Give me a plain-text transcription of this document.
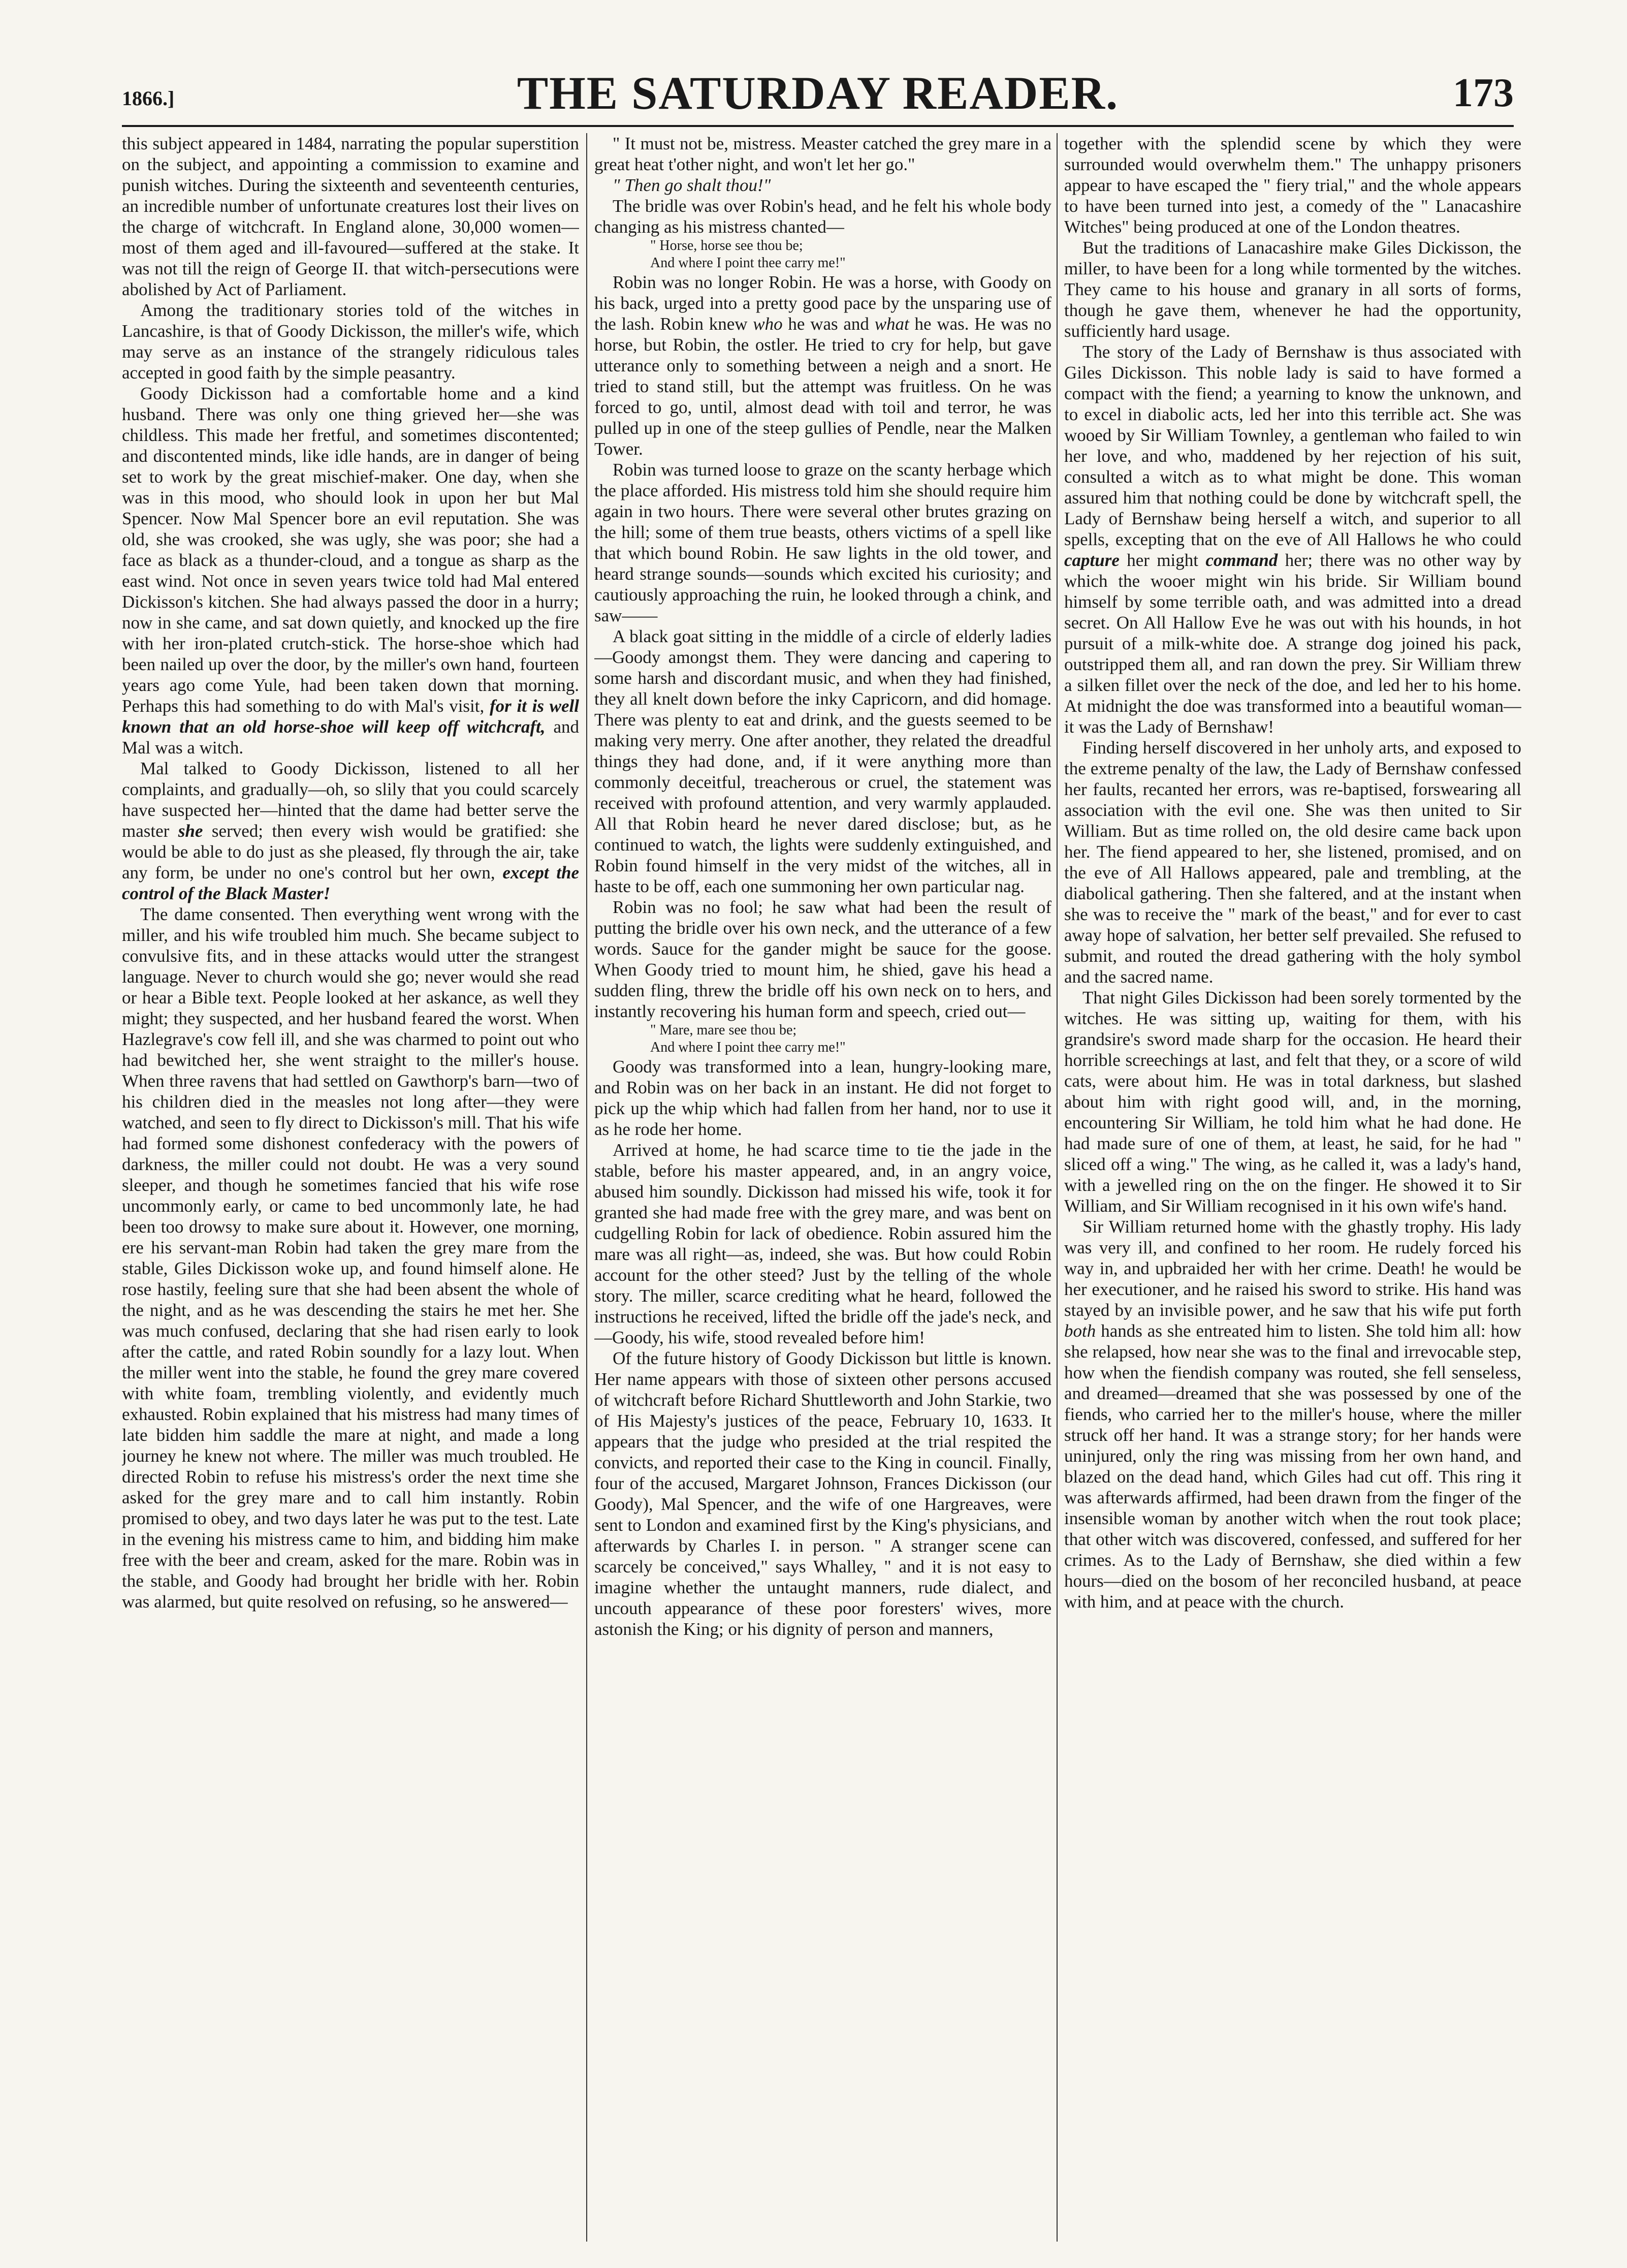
1866.]	THE SATURDAY READER.	173

this subject appeared in 1484, narrating the popular superstition on the subject, and appointing a commission to examine and punish witches. During the sixteenth and seventeenth centuries, an incredible number of unfortunate creatures lost their lives on the charge of witchcraft. In England alone, 30,000 women—most of them aged and ill-favoured—suffered at the stake. It was not till the reign of George II. that witch-persecutions were abolished by Act of Parliament.

Among the traditionary stories told of the witches in Lancashire, is that of Goody Dickisson, the miller's wife, which may serve as an instance of the strangely ridiculous tales accepted in good faith by the simple peasantry.

Goody Dickisson had a comfortable home and a kind husband. There was only one thing grieved her—she was childless. This made her fretful, and sometimes discontented; and discontented minds, like idle hands, are in danger of being set to work by the great mischief-maker. One day, when she was in this mood, who should look in upon her but Mal Spencer. Now Mal Spencer bore an evil reputation. She was old, she was crooked, she was ugly, she was poor; she had a face as black as a thunder-cloud, and a tongue as sharp as the east wind. Not once in seven years twice told had Mal entered Dickisson's kitchen. She had always passed the door in a hurry; now in she came, and sat down quietly, and knocked up the fire with her iron-plated crutch-stick. The horse-shoe which had been nailed up over the door, by the miller's own hand, fourteen years ago come Yule, had been taken down that morning. Perhaps this had something to do with Mal's visit, for it is well known that an old horse-shoe will keep off witchcraft, and Mal was a witch.

Mal talked to Goody Dickisson, listened to all her complaints, and gradually—oh, so slily that you could scarcely have suspected her—hinted that the dame had better serve the master she served; then every wish would be gratified: she would be able to do just as she pleased, fly through the air, take any form, be under no one's control but her own, except the control of the Black Master!

The dame consented. Then everything went wrong with the miller, and his wife troubled him much. She became subject to convulsive fits, and in these attacks would utter the strangest language. Never to church would she go; never would she read or hear a Bible text. People looked at her askance, as well they might; they suspected, and her husband feared the worst. When Hazlegrave's cow fell ill, and she was charmed to point out who had bewitched her, she went straight to the miller's house. When three ravens that had settled on Gawthorp's barn—two of his children died in the measles not long after—they were watched, and seen to fly direct to Dickisson's mill. That his wife had formed some dishonest confederacy with the powers of darkness, the miller could not doubt. He was a very sound sleeper, and though he sometimes fancied that his wife rose uncommonly early, or came to bed uncommonly late, he had been too drowsy to make sure about it. However, one morning, ere his servant-man Robin had taken the grey mare from the stable, Giles Dickisson woke up, and found himself alone. He rose hastily, feeling sure that she had been absent the whole of the night, and as he was descending the stairs he met her. She was much confused, declaring that she had risen early to look after the cattle, and rated Robin soundly for a lazy lout. When the miller went into the stable, he found the grey mare covered with white foam, trembling violently, and evidently much exhausted. Robin explained that his mistress had many times of late bidden him saddle the mare at night, and made a long journey he knew not where. The miller was much troubled. He directed Robin to refuse his mistress's order the next time she asked for the grey mare and to call him instantly. Robin promised to obey, and two days later he was put to the test. Late in the evening his mistress came to him, and bidding him make free with the beer and cream, asked for the mare. Robin was in the stable, and Goody had brought her bridle with her. Robin was alarmed, but quite resolved on refusing, so he answered—

" It must not be, mistress. Measter catched the grey mare in a great heat t'other night, and won't let her go."

" Then go shalt thou!"

The bridle was over Robin's head, and he felt his whole body changing as his mistress chanted—

" Horse, horse see thou be;
And where I point thee carry me!"

Robin was no longer Robin. He was a horse, with Goody on his back, urged into a pretty good pace by the unsparing use of the lash. Robin knew who he was and what he was. He was no horse, but Robin, the ostler. He tried to cry for help, but gave utterance only to something between a neigh and a snort. He tried to stand still, but the attempt was fruitless. On he was forced to go, until, almost dead with toil and terror, he was pulled up in one of the steep gullies of Pendle, near the Malken Tower.

Robin was turned loose to graze on the scanty herbage which the place afforded. His mistress told him she should require him again in two hours. There were several other brutes grazing on the hill; some of them true beasts, others victims of a spell like that which bound Robin. He saw lights in the old tower, and heard strange sounds—sounds which excited his curiosity; and cautiously approaching the ruin, he looked through a chink, and saw——

A black goat sitting in the middle of a circle of elderly ladies—Goody amongst them. They were dancing and capering to some harsh and discordant music, and when they had finished, they all knelt down before the inky Capricorn, and did homage. There was plenty to eat and drink, and the guests seemed to be making very merry. One after another, they related the dreadful things they had done, and, if it were anything more than commonly deceitful, treacherous or cruel, the statement was received with profound attention, and very warmly applauded. All that Robin heard he never dared disclose; but, as he continued to watch, the lights were suddenly extinguished, and Robin found himself in the very midst of the witches, all in haste to be off, each one summoning her own particular nag.

Robin was no fool; he saw what had been the result of putting the bridle over his own neck, and the utterance of a few words. Sauce for the gander might be sauce for the goose. When Goody tried to mount him, he shied, gave his head a sudden fling, threw the bridle off his own neck on to hers, and instantly recovering his human form and speech, cried out—

" Mare, mare see thou be;
And where I point thee carry me!"

Goody was transformed into a lean, hungry-looking mare, and Robin was on her back in an instant. He did not forget to pick up the whip which had fallen from her hand, nor to use it as he rode her home.

Arrived at home, he had scarce time to tie the jade in the stable, before his master appeared, and, in an angry voice, abused him soundly. Dickisson had missed his wife, took it for granted she had made free with the grey mare, and was bent on cudgelling Robin for lack of obedience. Robin assured him the mare was all right—as, indeed, she was. But how could Robin account for the other steed? Just by the telling of the whole story. The miller, scarce crediting what he heard, followed the instructions he received, lifted the bridle off the jade's neck, and—Goody, his wife, stood revealed before him!

Of the future history of Goody Dickisson but little is known. Her name appears with those of sixteen other persons accused of witchcraft before Richard Shuttleworth and John Starkie, two of His Majesty's justices of the peace, February 10, 1633. It appears that the judge who presided at the trial respited the convicts, and reported their case to the King in council. Finally, four of the accused, Margaret Johnson, Frances Dickisson (our Goody), Mal Spencer, and the wife of one Hargreaves, were sent to London and examined first by the King's physicians, and afterwards by Charles I. in person. " A stranger scene can scarcely be conceived," says Whalley, " and it is not easy to imagine whether the untaught manners, rude dialect, and uncouth appearance of these poor foresters' wives, more astonish the King; or his dignity of person and manners,

together with the splendid scene by which they were surrounded would overwhelm them." The unhappy prisoners appear to have escaped the " fiery trial," and the whole appears to have been turned into jest, a comedy of the " Lanacashire Witches" being produced at one of the London theatres.

But the traditions of Lanacashire make Giles Dickisson, the miller, to have been for a long while tormented by the witches. They came to his house and granary in all sorts of forms, though he gave them, whenever he had the opportunity, sufficiently hard usage.

The story of the Lady of Bernshaw is thus associated with Giles Dickisson. This noble lady is said to have formed a compact with the fiend; a yearning to know the unknown, and to excel in diabolic acts, led her into this terrible act. She was wooed by Sir William Townley, a gentleman who failed to win her love, and who, maddened by her rejection of his suit, consulted a witch as to what might be done. This woman assured him that nothing could be done by witchcraft spell, the Lady of Bernshaw being herself a witch, and superior to all spells, excepting that on the eve of All Hallows he who could capture her might command her; there was no other way by which the wooer might win his bride. Sir William bound himself by some terrible oath, and was admitted into a dread secret. On All Hallow Eve he was out with his hounds, in hot pursuit of a milk-white doe. A strange dog joined his pack, outstripped them all, and ran down the prey. Sir William threw a silken fillet over the neck of the doe, and led her to his home. At midnight the doe was transformed into a beautiful woman—it was the Lady of Bernshaw!

Finding herself discovered in her unholy arts, and exposed to the extreme penalty of the law, the Lady of Bernshaw confessed her faults, recanted her errors, was re-baptised, forswearing all association with the evil one. She was then united to Sir William. But as time rolled on, the old desire came back upon her. The fiend appeared to her, she listened, promised, and on the eve of All Hallows appeared, pale and trembling, at the diabolical gathering. Then she faltered, and at the instant when she was to receive the " mark of the beast," and for ever to cast away hope of salvation, her better self prevailed. She refused to submit, and routed the dread gathering with the holy symbol and the sacred name.

That night Giles Dickisson had been sorely tormented by the witches. He was sitting up, waiting for them, with his grandsire's sword made sharp for the occasion. He heard their horrible screechings at last, and felt that they, or a score of wild cats, were about him. He was in total darkness, but slashed about him with right good will, and, in the morning, encountering Sir William, he told him what he had done. He had made sure of one of them, at least, he said, for he had " sliced off a wing." The wing, as he called it, was a lady's hand, with a jewelled ring on the on the finger. He showed it to Sir William, and Sir William recognised in it his own wife's hand.

Sir William returned home with the ghastly trophy. His lady was very ill, and confined to her room. He rudely forced his way in, and upbraided her with her crime. Death! he would be her executioner, and he raised his sword to strike. His hand was stayed by an invisible power, and he saw that his wife put forth both hands as she entreated him to listen. She told him all: how she relapsed, how near she was to the final and irrevocable step, how when the fiendish company was routed, she fell senseless, and dreamed—dreamed that she was possessed by one of the fiends, who carried her to the miller's house, where the miller struck off her hand. It was a strange story; for her hands were uninjured, only the ring was missing from her own hand, and blazed on the dead hand, which Giles had cut off. This ring it was afterwards affirmed, had been drawn from the finger of the insensible woman by another witch when the rout took place; that other witch was discovered, confessed, and suffered for her crimes. As to the Lady of Bernshaw, she died within a few hours—died on the bosom of her reconciled husband, at peace with him, and at peace with the church.
